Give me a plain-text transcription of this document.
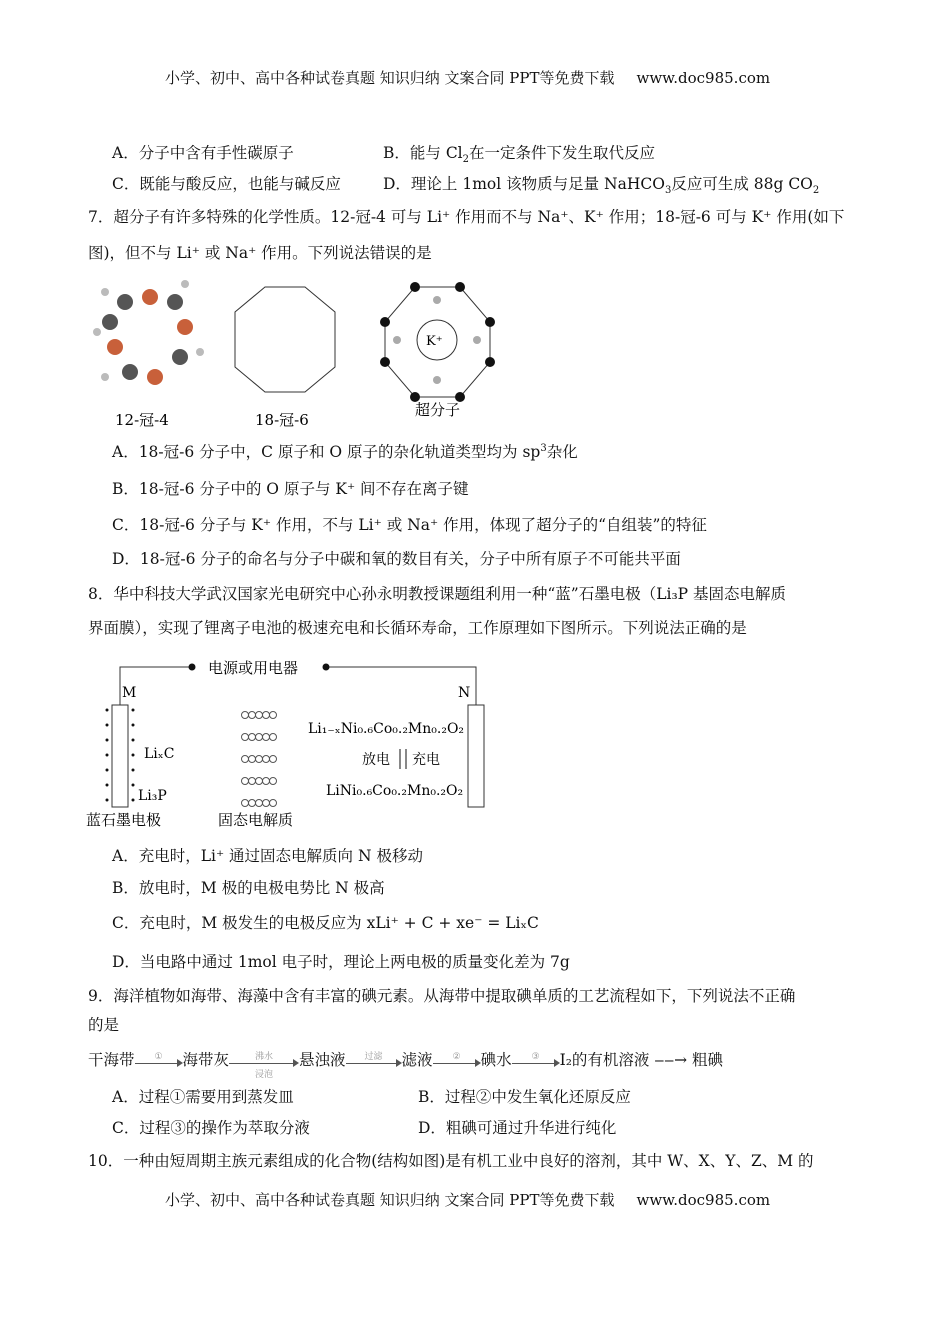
小学、初中、高中各种试卷真题 知识归纳 文案合同 PPT等免费下载 www.doc985.com
A．分子中含有手性碳原子	B．能与 $Cl_2$在一定条件下发生取代反应
C．既能与酸反应，也能与碱反应	D．理论上 1mol 该物质与足量 NaHCO$_3$反应可生成 88g $CO_2$
7．超分子有许多特殊的化学性质。12-冠-4 可与 Li⁺ 作用而不与 Na⁺、K⁺ 作用；18-冠-6 可与 K⁺ 作用(如下
图)，但不与 Li⁺ 或 Na⁺ 作用。下列说法错误的是
12-冠-4	18-冠-6
K⁺
超分子
A．18-冠-6 分子中，C 原子和 O 原子的杂化轨道类型均为 $sp^3$杂化
B．18-冠-6 分子中的 O 原子与 K⁺ 间不存在离子键
C．18-冠-6 分子与 K⁺ 作用，不与 Li⁺ 或 Na⁺ 作用，体现了超分子的“自组装”的特征
D．18-冠-6 分子的命名与分子中碳和氧的数目有关，分子中所有原子不可能共平面
8．华中科技大学武汉国家光电研究中心孙永明教授课题组利用一种“蓝”石墨电极（Li₃P 基固态电解质
界面膜），实现了锂离子电池的极速充电和长循环寿命，工作原理如下图所示。下列说法正确的是
电源或用电器
M	N
LiₓC
Li₃P
Li₁₋ₓNi₀.₆Co₀.₂Mn₀.₂O₂
放电 充电
LiNi₀.₆Co₀.₂Mn₀.₂O₂
蓝石墨电极	固态电解质
A．充电时，Li⁺ 通过固态电解质向 N 极移动
B．放电时，M 极的电极电势比 N 极高
C．充电时，M 极发生的电极反应为 xLi⁺ + C + xe⁻ = LiₓC
D．当电路中通过 1mol 电子时，理论上两电极的质量变化差为 7g
9．海洋植物如海带、海藻中含有丰富的碘元素。从海带中提取碘单质的工艺流程如下，下列说法不正确
的是
干海带	①	海带灰	沸水
浸泡
悬浊液	过滤	滤液	②	碘水	③	I₂的有机溶液 ‒‒→ 粗碘
A．过程①需要用到蒸发皿	B．过程②中发生氧化还原反应
C．过程③的操作为萃取分液	D．粗碘可通过升华进行纯化
10．一种由短周期主族元素组成的化合物(结构如图)是有机工业中良好的溶剂，其中 W、X、Y、Z、M 的
小学、初中、高中各种试卷真题 知识归纳 文案合同 PPT等免费下载 www.doc985.com
